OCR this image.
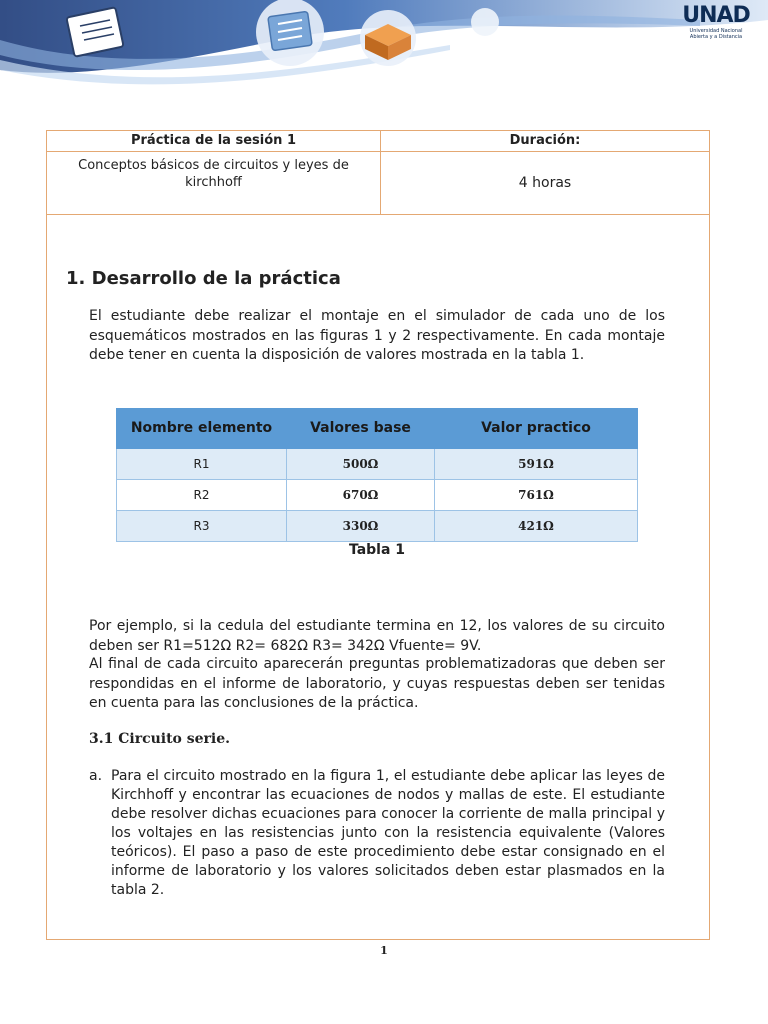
UNAD
Universidad Nacional
Abierta y a Distancia
Práctica de la sesión 1	Duración:
Conceptos básicos de circuitos y leyes de kirchhoff	4 horas
1. Desarrollo de la práctica
El estudiante debe realizar el montaje en el simulador de cada uno de los esquemáticos mostrados en las figuras 1 y 2 respectivamente. En cada montaje debe tener en cuenta la disposición de valores mostrada en la tabla 1.
Nombre elemento	Valores base	Valor practico
R1	500Ω	591Ω
R2	670Ω	761Ω
R3	330Ω	421Ω
Tabla 1
Por ejemplo, si la cedula del estudiante termina en 12, los valores de su circuito deben ser R1=512Ω R2= 682Ω R3= 342Ω Vfuente= 9V.
Al final de cada circuito aparecerán preguntas problematizadoras que deben ser respondidas en el informe de laboratorio, y cuyas respuestas deben ser tenidas en cuenta para las conclusiones de la práctica.
3.1 Circuito serie.
a. Para el circuito mostrado en la figura 1, el estudiante debe aplicar las leyes de Kirchhoff y encontrar las ecuaciones de nodos y mallas de este. El estudiante debe resolver dichas ecuaciones para conocer la corriente de malla principal y los voltajes en las resistencias junto con la resistencia equivalente (Valores teóricos). El paso a paso de este procedimiento debe estar consignado en el informe de laboratorio y los valores solicitados deben estar plasmados en la tabla 2.
1
